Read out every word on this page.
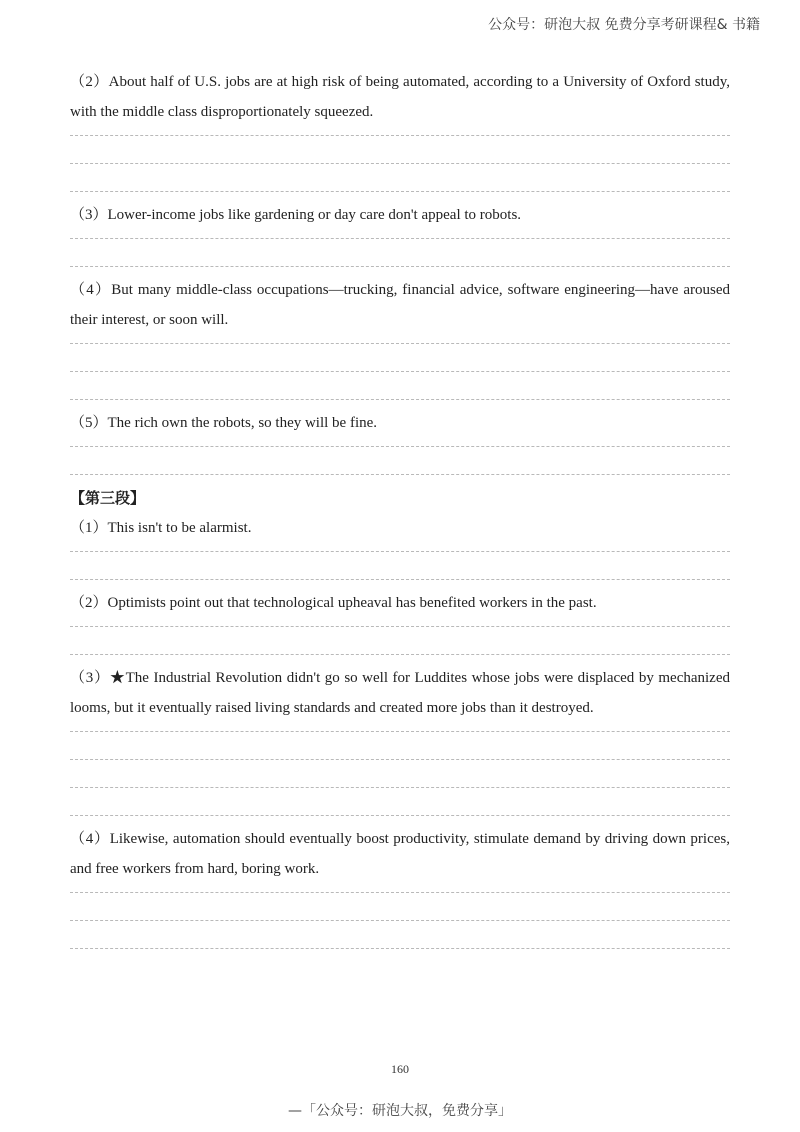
公众号：研泡大叔 免费分享考研课程& 书籍

（2）About half of U.S. jobs are at high risk of being automated, according to a University of Oxford study, with the middle class disproportionately squeezed.

（3）Lower-income jobs like gardening or day care don't appeal to robots.

（4）But many middle-class occupations—trucking, financial advice, software engineering—have aroused their interest, or soon will.

（5）The rich own the robots, so they will be fine.

【第三段】

（1）This isn't to be alarmist.

（2）Optimists point out that technological upheaval has benefited workers in the past.

（3）★The Industrial Revolution didn't go so well for Luddites whose jobs were displaced by mechanized looms, but it eventually raised living standards and created more jobs than it destroyed.

（4）Likewise, automation should eventually boost productivity, stimulate demand by driving down prices, and free workers from hard, boring work.

160
—「公众号：研泡大叔，免费分享」
